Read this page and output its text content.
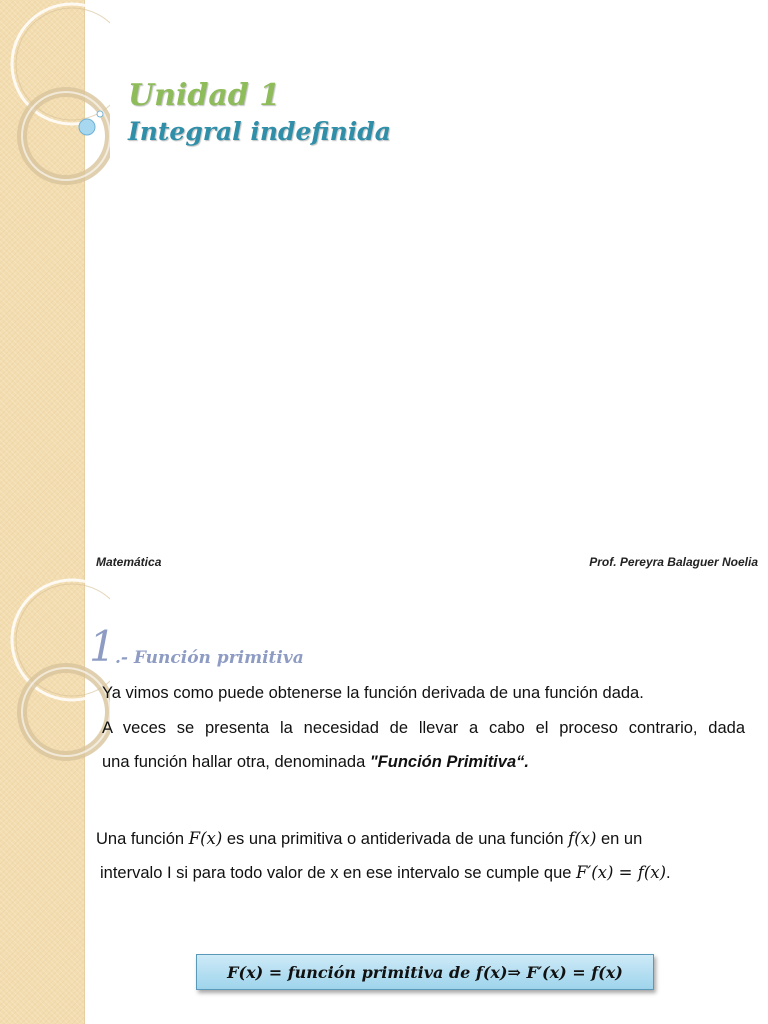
Unidad 1
Integral indefinida
Matemática	Prof. Pereyra Balaguer Noelia
1 .- Función primitiva
Ya vimos como puede obtenerse la función derivada de una función dada.
A veces se presenta la necesidad de llevar a cabo el proceso contrario, dada
una función hallar otra, denominada "Función Primitiva“.
Una función F(x) es una primitiva o antiderivada de una función f(x) en un
intervalo I si para todo valor de x en ese intervalo se cumple que F′(x) = f(x).
F(x) = función primitiva de f(x)⇒ F′(x) = f(x)
